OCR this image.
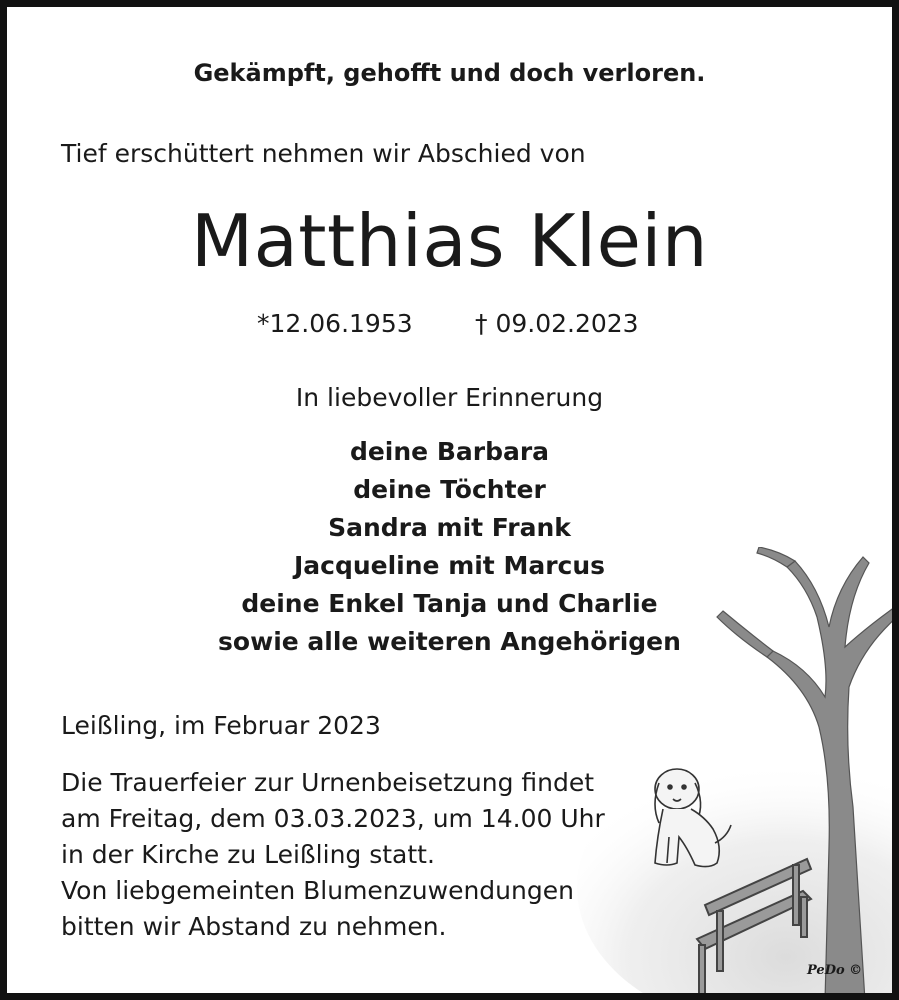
Gekämpft, gehofft und doch verloren.
Tief erschüttert nehmen wir Abschied von
Matthias Klein
*12.06.1953 † 09.02.2023
In liebevoller Erinnerung
deine Barbara
deine Töchter
Sandra mit Frank
Jacqueline mit Marcus
deine Enkel Tanja und Charlie
sowie alle weiteren Angehörigen
Leißling, im Februar 2023
Die Trauerfeier zur Urnenbeisetzung findet
am Freitag, dem 03.03.2023, um 14.00 Uhr
in der Kirche zu Leißling statt.
Von liebgemeinten Blumenzuwendungen
bitten wir Abstand zu nehmen.
PeDo ©
